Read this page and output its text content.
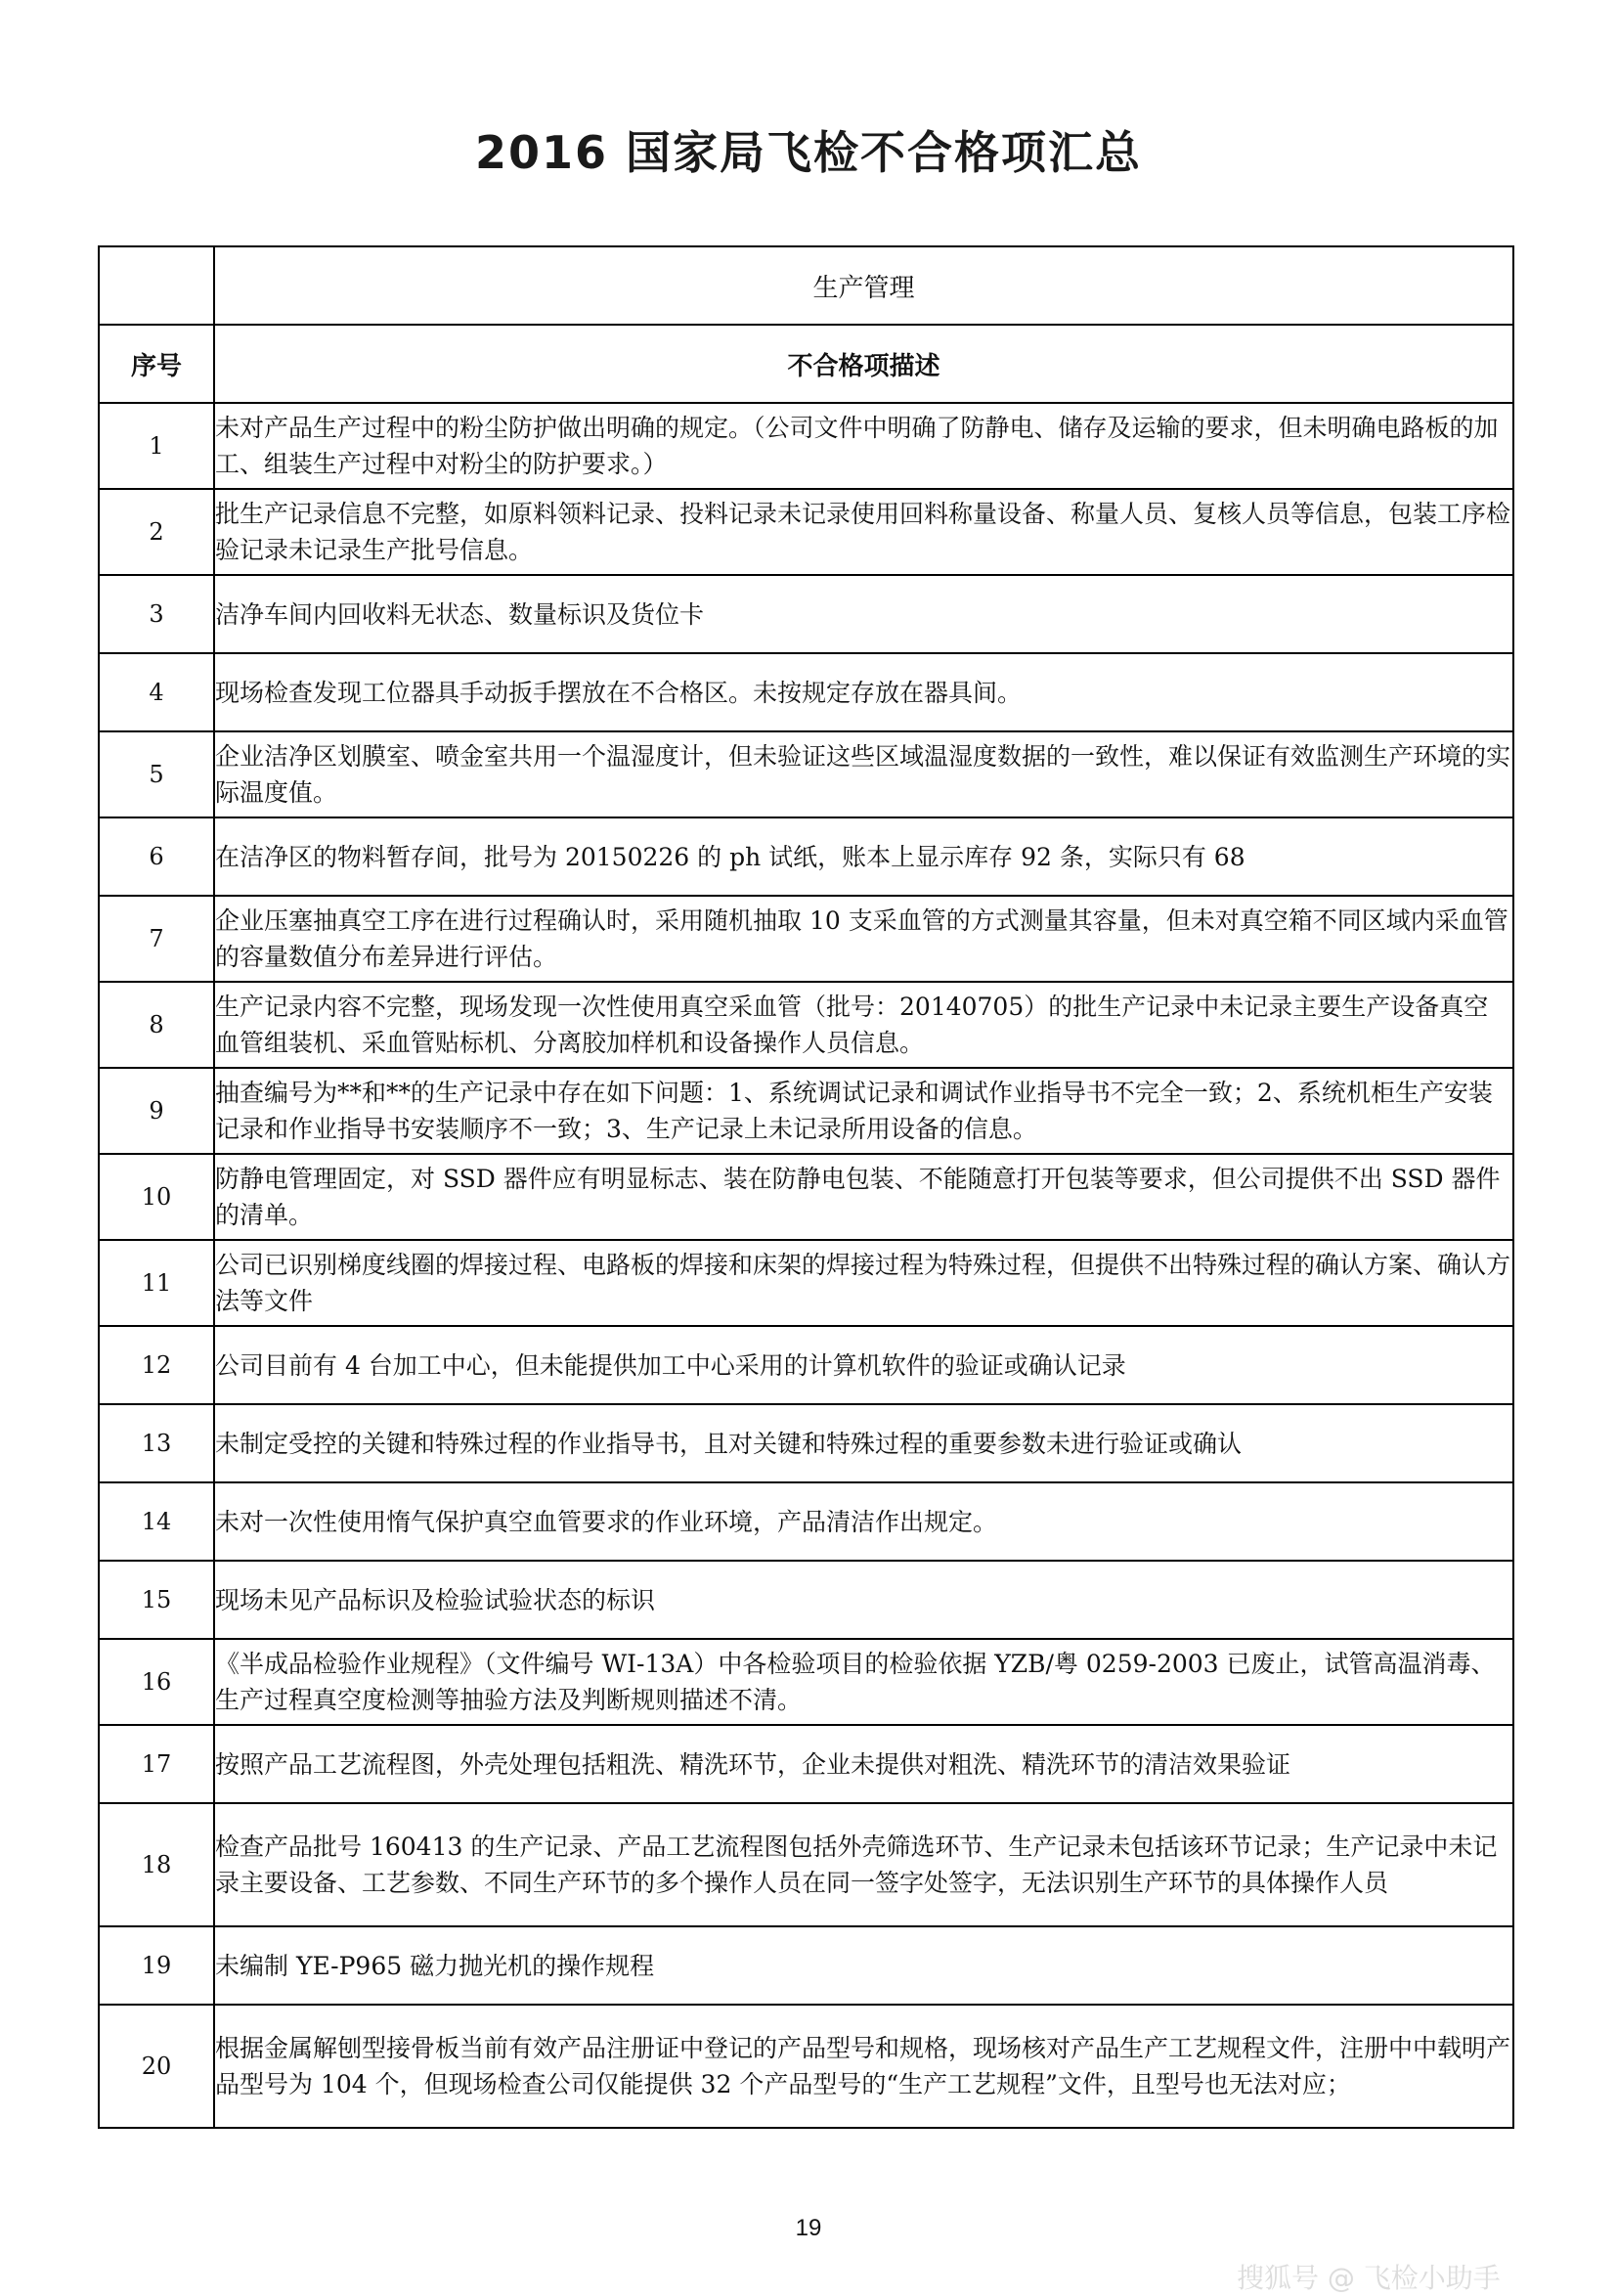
2016 国家局飞检不合格项汇总
	生产管理
序号	不合格项描述
1	未对产品生产过程中的粉尘防护做出明确的规定。（公司文件中明确了防静电、储存及运输的要求，但未明确电路板的加工、组装生产过程中对粉尘的防护要求。）
2	批生产记录信息不完整，如原料领料记录、投料记录未记录使用回料称量设备、称量人员、复核人员等信息，包装工序检验记录未记录生产批号信息。
3	洁净车间内回收料无状态、数量标识及货位卡
4	现场检查发现工位器具手动扳手摆放在不合格区。未按规定存放在器具间。
5	企业洁净区划膜室、喷金室共用一个温湿度计，但未验证这些区域温湿度数据的一致性，难以保证有效监测生产环境的实际温度值。
6	在洁净区的物料暂存间，批号为 20150226 的 ph 试纸，账本上显示库存 92 条，实际只有 68
7	企业压塞抽真空工序在进行过程确认时，采用随机抽取 10 支采血管的方式测量其容量，但未对真空箱不同区域内采血管的容量数值分布差异进行评估。
8	生产记录内容不完整，现场发现一次性使用真空采血管（批号：20140705）的批生产记录中未记录主要生产设备真空血管组装机、采血管贴标机、分离胶加样机和设备操作人员信息。
9	抽查编号为**和**的生产记录中存在如下问题：1、系统调试记录和调试作业指导书不完全一致；2、系统机柜生产安装记录和作业指导书安装顺序不一致；3、生产记录上未记录所用设备的信息。
10	防静电管理固定，对 SSD 器件应有明显标志、装在防静电包装、不能随意打开包装等要求，但公司提供不出 SSD 器件的清单。
11	公司已识别梯度线圈的焊接过程、电路板的焊接和床架的焊接过程为特殊过程，但提供不出特殊过程的确认方案、确认方法等文件
12	公司目前有 4 台加工中心，但未能提供加工中心采用的计算机软件的验证或确认记录
13	未制定受控的关键和特殊过程的作业指导书，且对关键和特殊过程的重要参数未进行验证或确认
14	未对一次性使用惰气保护真空血管要求的作业环境，产品清洁作出规定。
15	现场未见产品标识及检验试验状态的标识
16	《半成品检验作业规程》（文件编号 WI-13A）中各检验项目的检验依据 YZB/粤 0259-2003 已废止，试管高温消毒、生产过程真空度检测等抽验方法及判断规则描述不清。
17	按照产品工艺流程图，外壳处理包括粗洗、精洗环节，企业未提供对粗洗、精洗环节的清洁效果验证
18	检查产品批号 160413 的生产记录、产品工艺流程图包括外壳筛选环节、生产记录未包括该环节记录；生产记录中未记录主要设备、工艺参数、不同生产环节的多个操作人员在同一签字处签字，无法识别生产环节的具体操作人员
19	未编制 YE-P965 磁力抛光机的操作规程
20	根据金属解刨型接骨板当前有效产品注册证中登记的产品型号和规格，现场核对产品生产工艺规程文件，注册中中载明产品型号为 104 个，但现场检查公司仅能提供 32 个产品型号的“生产工艺规程”文件，且型号也无法对应；
19
搜狐号 @ 飞检小助手
